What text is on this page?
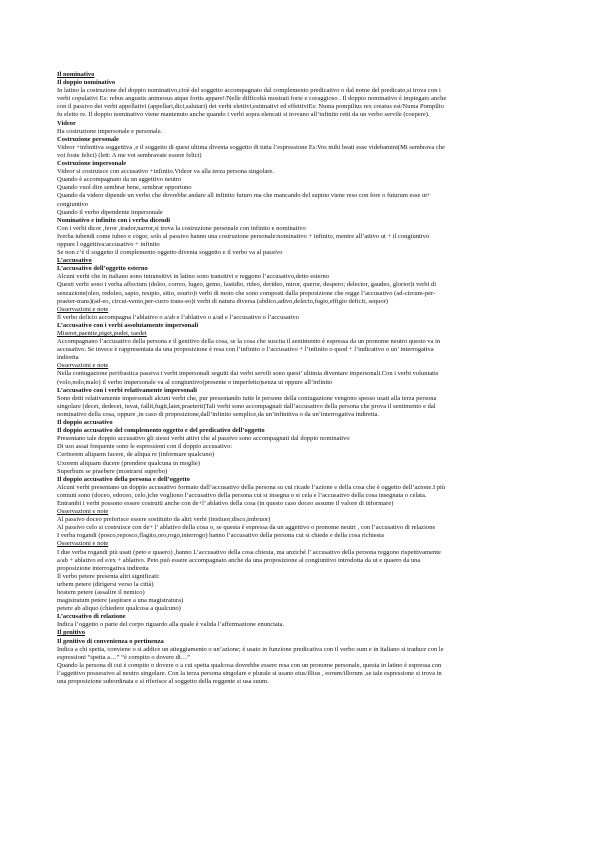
Il nominativo
Il doppio nominativo
In latino la costruzione del doppio nominativo,cioè del soggetto accompagnato dal complemento predicativo o dal nome del predicato,si trova con i
verbi copulativi Es: rebus angustis animosus atque fortis appare!/Nelle difficoltà mostrati forte e coraggioso . Il doppio nominativo è impiegato anche
con il passivo dei verbi appellativi (appellari,dici,salutari) dei verbi elettivi,estimativi ed effettiviEs: Numa pompilius rex creatus est/Numa Pompilio
fu eletto re. Il doppio nominativo viene mantenuto anche quando i verbi sopra elencati si trovano all’infinito retti da un verbo servile (coepere).
Videor
Ha costruzione impersonale e personale.
Costruzione personale
Videor +infinitiva soggettiva ,e il soggetto di quest ultima diventa soggetto di tutta l’espressione Es:Vos mihi beati esse videbamini(Mi sembrava che
voi foste felici) (lett: A me voi sembravate essere felici)
Costruzione impersonale
Videor si costruisce con accusativo +infinito.Videor va alla terza persona singolare.
Quando è accompagnato da un aggettivo neutro
Quando vuol dire sembrar bene, sembrar opportuno
Quando da videor dipende un verbo che dovrebbe andare all infinito futuro ma che mancando del supino viene reso con fore o futurum esse ut+
congiuntivo
Quando il verbo dipendente impersonale
Nominativo e infinito con i verba dicendi
Con i verbi dicor ,feror ,trador,narror,si trova la costruzione personale con infinito e nominativo
Iverba iubendi come iubeo e cogor, solo al passivo hanno una costruzione personale:nominativo + infinito, mentre all’attivo ut + il congiuntivo
oppure l oggettiva:accusativo + infinito
Se non c’è il soggetto il complemento oggetto diventa soggetto e il verbo va al passivo
L’accusativo
L’accusativo dell’oggetto esterno
Alcuni verbi che in italiano sono intransitivi in latino sono transitivi e reggono l’accusativo,detto esterno
Questi verbi sono i verba affectum (doleo, correo, lugeo, gemo, fastidio, rideo, derideo, miror, queror, despero; delector, gaudeo, glorior)i verbi di
senzazione(oleo, redoleo, sapio, resipio, sitio, esurio)i verbi di moto che sono composti dalla preposizione che regge l’accusativo (ad-circum-per-
praeter-trans)(ad-eo, circui-venio,per-curro trans-eo)i verbi di natura diversa (abdico,adivo,delecto,fugio,effigio deficit, sequor)
Osservazioni e note
Il verbo deficio accompagna l’ablativo o a/ab e l’ablativo o a/ad e l’accusativo o l’accusativo
L’accusativo con i verbi assolutamente impersonali
Miseret,paenite,piget,pudet, taedet
Accompagnano l’accusativo della persona e il genitivo della cosa, se la cosa che suscita il sentimento è espressa da un pronome neutro questo va in
accusativo. Se invece è rappresentata da una proposizione è resa con l’infinito o l’accusativo + l’infinito o quod + l’indicativo o un’ interrogativa
indiretta
Osservazioni e note
Nella coniugazione perifrastica passiva i verbi impersonali seguiti dai verbi servili sono quest’ ultimia diventare impersonali.Con i verbi voluntatis
(volo,nolo,malo) il verbo impersonale va al congiuntivo(presente o imperfetto)senza ut oppure all’infinito
L’accusativo con i verbi relativamente impersonali
Sono detti relativamente impersonali alcuni verbi che, pur presentando tutte le persone della coniugazione vengono spesso usati alla terza persona
singolare (decet, dedecet, iuvat, fallit,fugit,latet,praeterit)Tali verbi sono accompagnati dall’accusativo della persona che prova il sentimento e dal
nominativo della cosa, oppure ,in caso di proposizione,dall’infinito semplice,da un’infinitiva o da un’interrogativa indiretta.
Il doppio accusativo
Il doppio accusativo del complemento oggetto e del predicativo dell’oggetto
Presentano tale doppio accusativo gli stessi verbi attivi che al passivo sono accompagnati dal doppio nominativo
Di uso assai frequente sono le espressioni con il doppio accusativo:
Certiorem aliquem facere, de aliqua re (informare qualcuno)
Uxorem aliquam ducere (prendere qualcuna in moglie)
Superbum se praebere (mostrarsi superbo)
Il doppio accusativo della persona e dell’oggetto
Alcuni verbi presentano un doppio accusativo formato dall’accusativo della persona su cui ricade l’azione e della cosa che è oggetto dell’azione.I più
comuni sono (doceo, edoceo, celo,)che vogliono l’accusativo della persona cui si insegna o si cela e l’accusativo della cosa insegnata o celata.
Entrambi i verbi possono essere costruiti anche con de+l’ ablativo della cosa (in questo caso doceo assume il valore di informare)
Osservazioni e note
Al passivo doceo preferisce essere sostituito da altri verbi (instiuor,disco,imbruor)
Al passivo celo si costruisce con de+ l’ ablativo della cosa o, se questa è espressa da un aggettivo o pronome neutri , con l’accusativo di relazione
I verba rogandi (posco,reposco,flagito,oro,rogo,interrogo) hanno l’accusativo della persona cui si chiede e della cosa richiesta
Osservazioni e note
I due verba rogandi più usati (peto e quaero) ,hanno L’accusativo della cosa chiesta, ma anziché l’ accusativo della persona reggono rispettivamente
a/ab + ablativo ed e/ex + ablativo. Peto può essere accompagnato anche da una proposizione al congiuntivo introdotta da ut e quaero da una
proposizione interrogativa indiretta
Il verbo petere presenta altri significati:
urbem petere (dirigersi verso la città)
hostem petere (assalire il nemico)
magistratum petere (aspirare a una magistratura)
petere ab aliquo (chiedere qualcosa a qualcuno)
L’accusativo di relazione
Indica l’oggetto o parte del corpo riguardo alla quale è valida l’affermazione enunciata.
Il genitivo
Il genitivo di convenienza o pertinenza
Indica a chi spetta, conviene o si addice un atteggiamento o un’azione; è usato in funzione predicativa con il verbo sum e in italiano si traduce con le
espressioni “spetta a…” “è compito o dovere di…”
Quando la persona di cui è compito o dovere o a cui spetta qualcosa dovrebbe essere resa con un pronome personale, questa in latino è espressa con
l’aggettivo possessivo al neutro singolare. Con la terza persona singolare e plurale si usano eius/illius , eorum/illorum ,se tale espressione si trova in
una proposizione subordinata e si riferisce al soggetto della reggente si usa suum.
